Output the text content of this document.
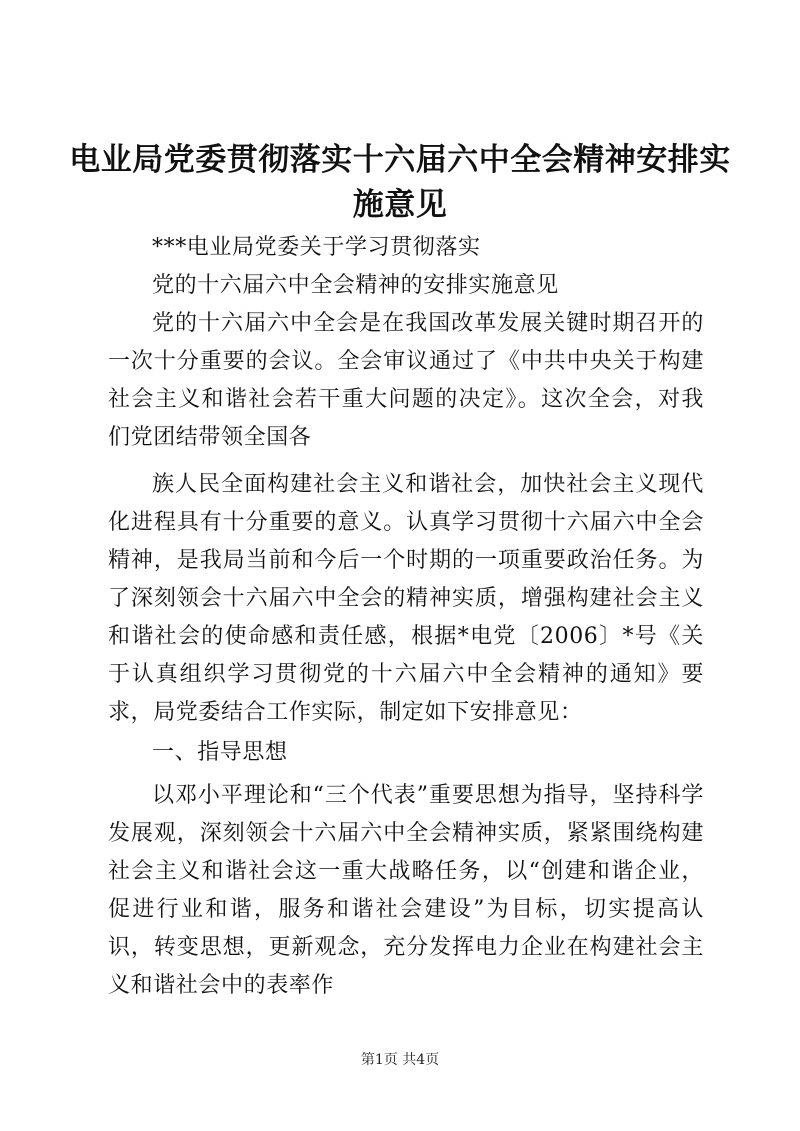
电业局党委贯彻落实十六届六中全会精神安排实施意见

***电业局党委关于学习贯彻落实

党的十六届六中全会精神的安排实施意见

党的十六届六中全会是在我国改革发展关键时期召开的一次十分重要的会议。全会审议通过了《中共中央关于构建社会主义和谐社会若干重大问题的决定》。这次全会，对我们党团结带领全国各

族人民全面构建社会主义和谐社会，加快社会主义现代化进程具有十分重要的意义。认真学习贯彻十六届六中全会精神，是我局当前和今后一个时期的一项重要政治任务。为了深刻领会十六届六中全会的精神实质，增强构建社会主义和谐社会的使命感和责任感，根据*电党〔2006〕*号《关于认真组织学习贯彻党的十六届六中全会精神的通知》要求，局党委结合工作实际，制定如下安排意见：

一、指导思想

以邓小平理论和“三个代表”重要思想为指导，坚持科学发展观，深刻领会十六届六中全会精神实质，紧紧围绕构建社会主义和谐社会这一重大战略任务，以“创建和谐企业，促进行业和谐，服务和谐社会建设”为目标，切实提高认识，转变思想，更新观念，充分发挥电力企业在构建社会主义和谐社会中的表率作

第1页 共4页
